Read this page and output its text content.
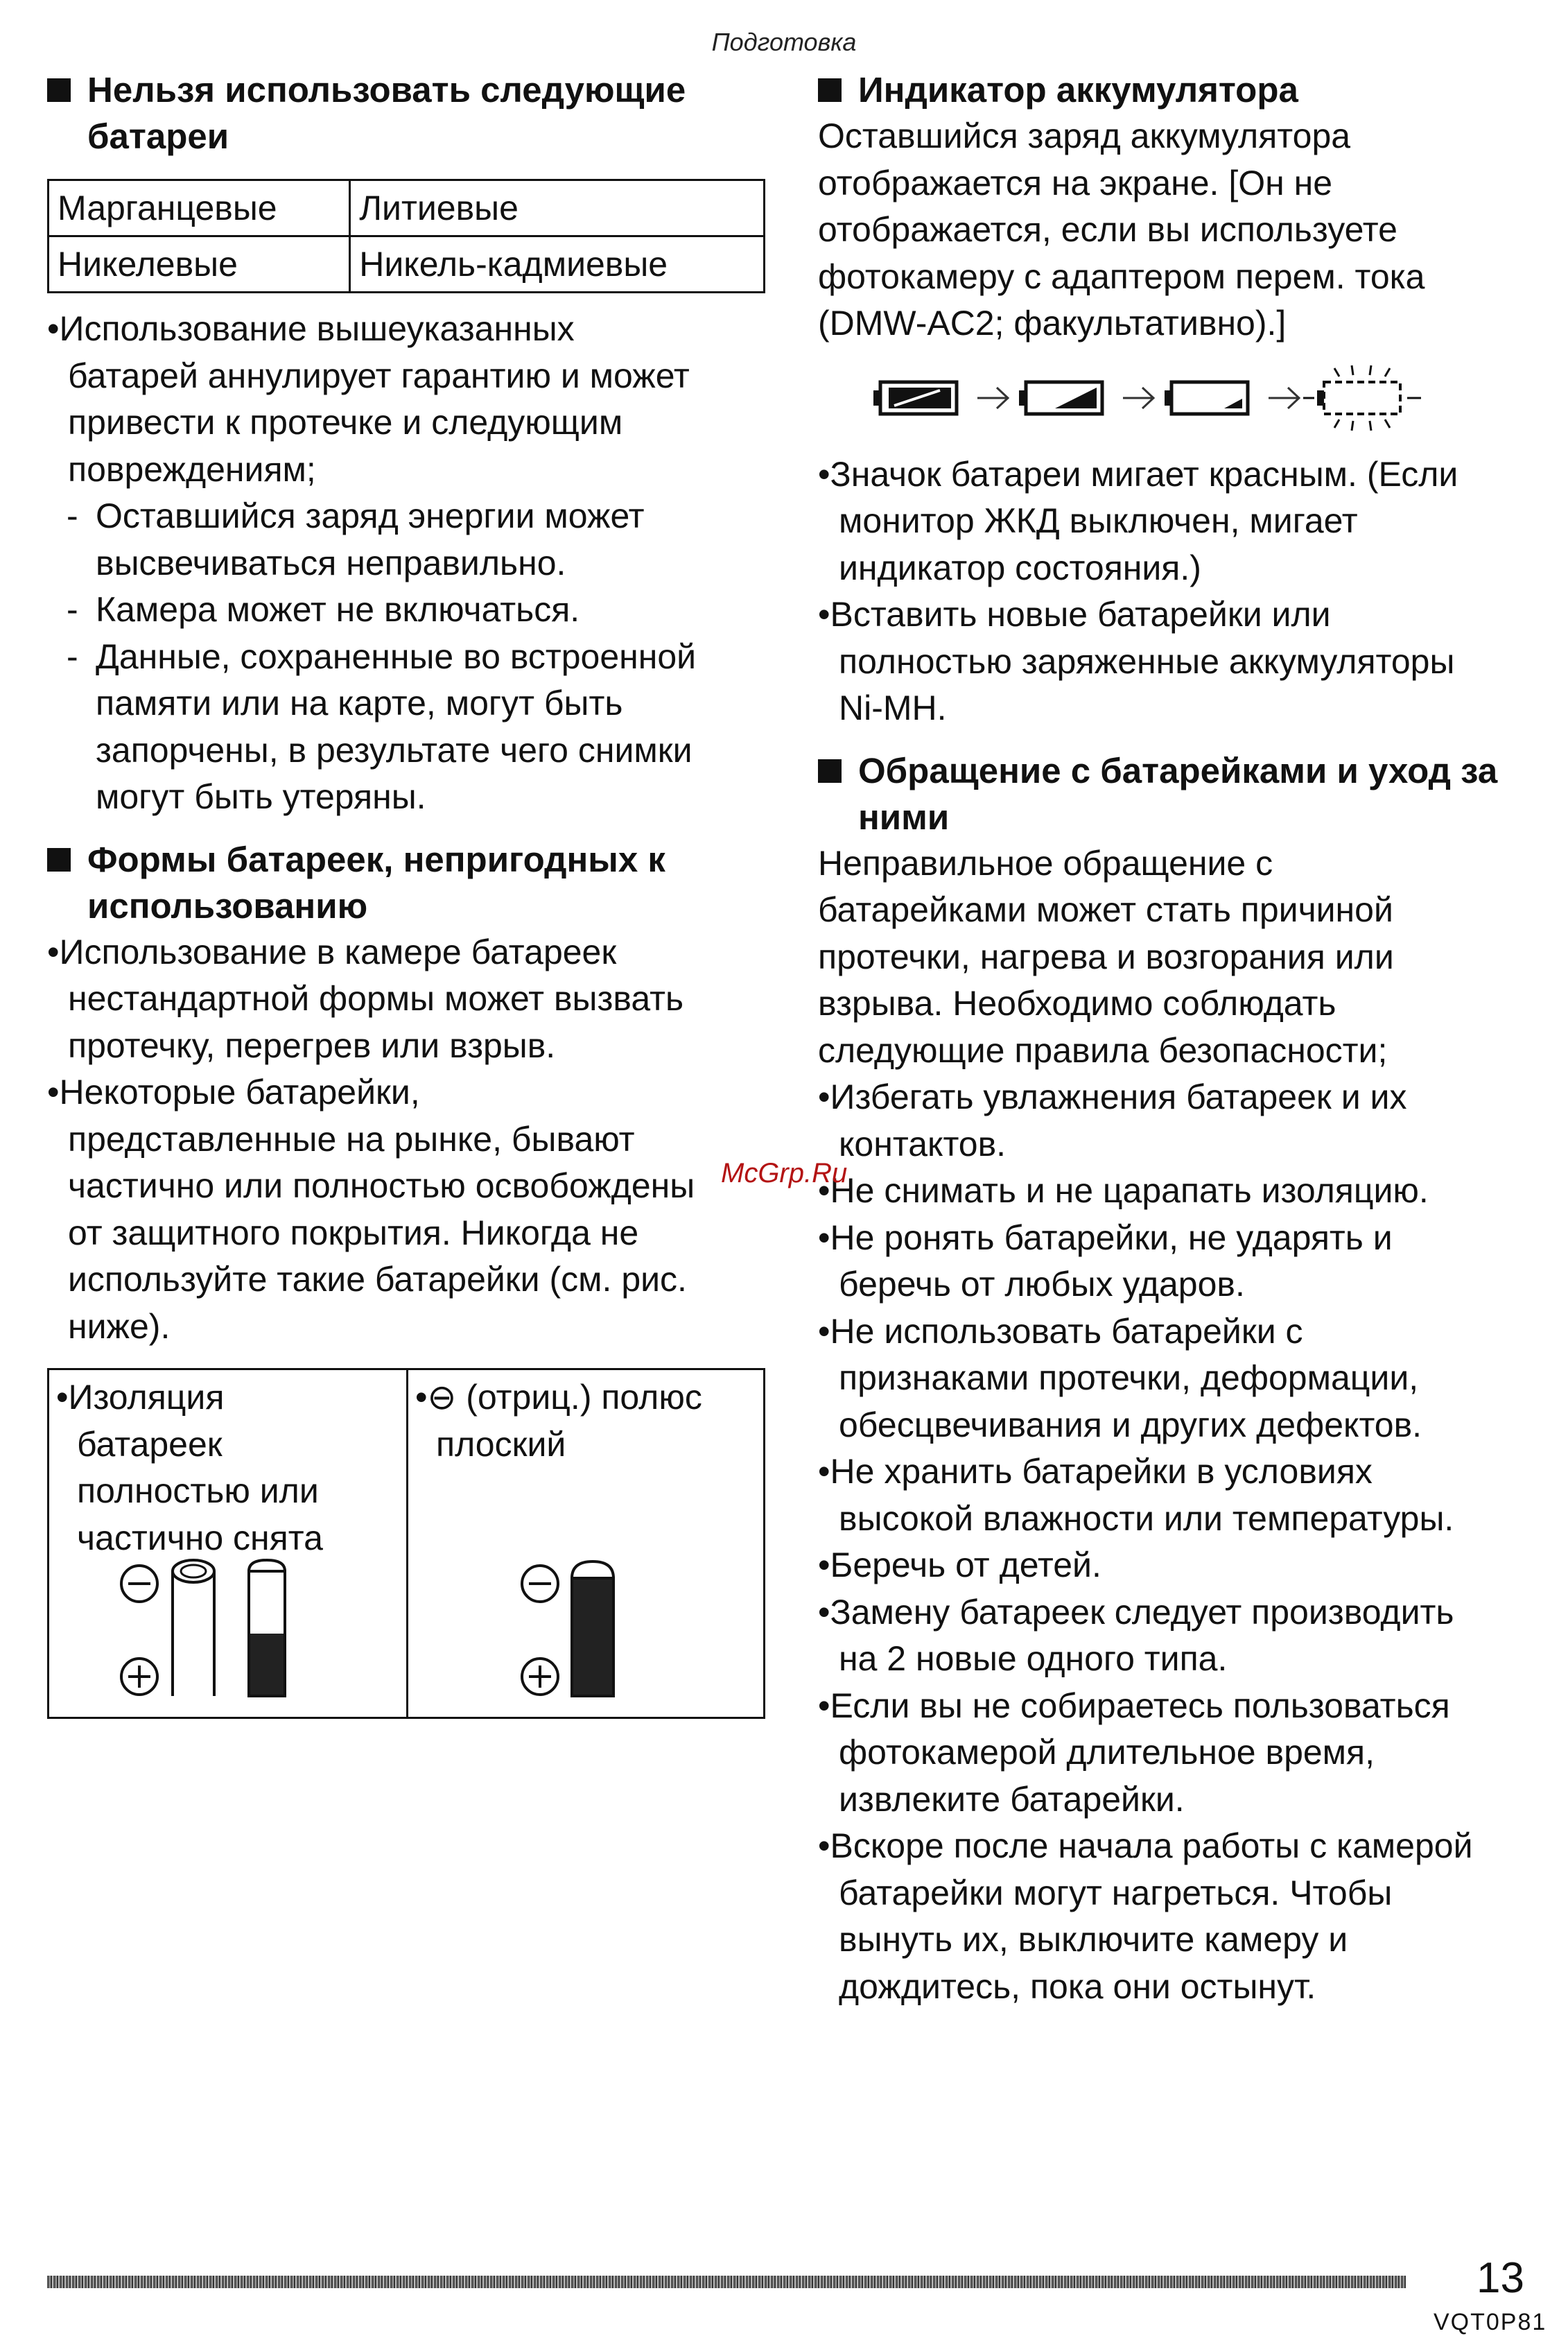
Подготовка
Нельзя использовать следующие
батареи
Марганцевые	Литиевые
Никелевые	Никель-кадмиевые

•Использование вышеуказанных

батарей аннулирует гарантию и может

привести к протечке и следующим

повреждениям;

- Оставшийся заряд энергии может

высвечиваться неправильно.

- Камера может не включаться.

- Данные, сохраненные во встроенной

памяти или на карте, могут быть

запорчены, в результате чего снимки

могут быть утеряны.

Формы батареек, непригодных к
использованию

•Использование в камере батареек

нестандартной формы может вызвать

протечку, перегрев или взрыв.

•Некоторые батарейки,

представленные на рынке, бывают

частично или полностью освобождены

от защитного покрытия. Никогда не

используйте такие батарейки (см. рис.

ниже).

•Изоляция
батареек
полностью или
частично снята
•⊖ (отриц.) полюс
плоский
Индикатор аккумулятора

Оставшийся заряд аккумулятора

отображается на экране. [Он не

отображается, если вы используете

фотокамеру с адаптером перем. тока

(DMW-AC2; факультативно).]

•Значок батареи мигает красным. (Если

монитор ЖКД выключен, мигает

индикатор состояния.)

•Вставить новые батарейки или

полностью заряженные аккумуляторы

Ni-MH.

Обращение с батарейками и уход за
ними

Неправильное обращение с

батарейками может стать причиной

протечки, нагрева и возгорания или

взрыва. Необходимо соблюдать

следующие правила безопасности;

•Избегать увлажнения батареек и их

контактов.

•Не снимать и не царапать изоляцию.

•Не ронять батарейки, не ударять и

беречь от любых ударов.

•Не использовать батарейки с

признаками протечки, деформации,

обесцвечивания и других дефектов.

•Не хранить батарейки в условиях

высокой влажности или температуры.

•Беречь от детей.

•Замену батареек следует производить

на 2 новые одного типа.

•Если вы не собираетесь пользоваться

фотокамерой длительное время,

извлеките батарейки.

•Вскоре после начала работы с камерой

батарейки могут нагреться. Чтобы

вынуть их, выключите камеру и

дождитесь, пока они остынут.

McGrp.Ru
13
VQT0P81
